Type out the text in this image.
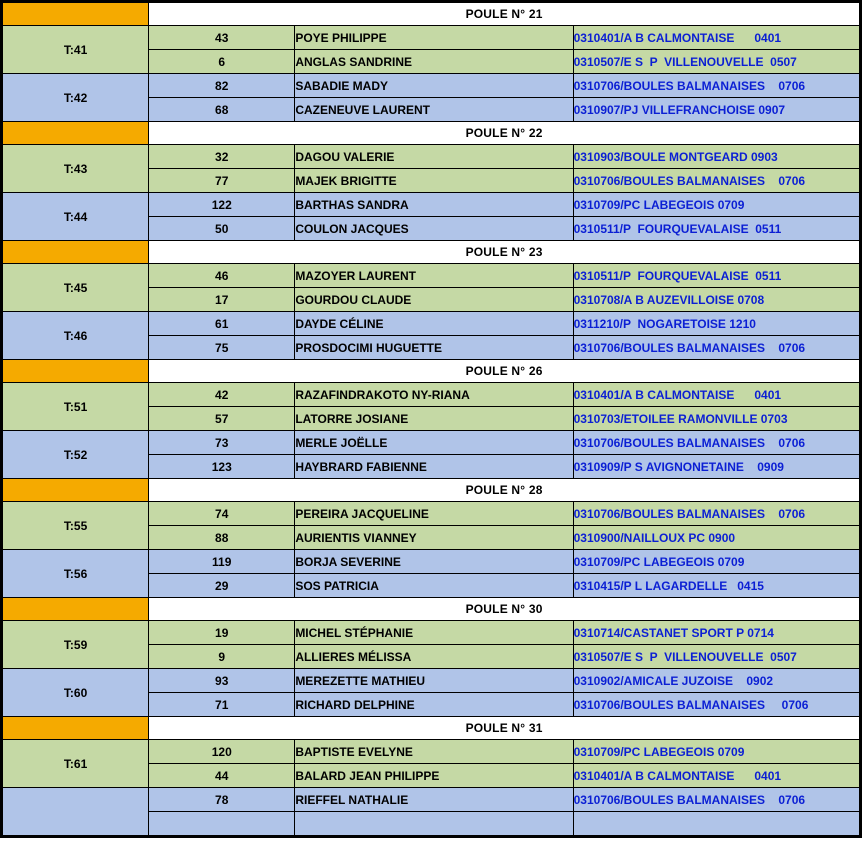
	POULE N° 21		
T:41	43	POYE PHILIPPE	0310401/A B CALMONTAISE      0401
	6	ANGLAS SANDRINE	0310507/E S  P  VILLENOUVELLE  0507
T:42	82	SABADIE MADY	0310706/BOULES BALMANAISES    0706
	68	CAZENEUVE LAURENT	0310907/PJ VILLEFRANCHOISE 0907
	POULE N° 22		
T:43	32	DAGOU VALERIE	0310903/BOULE MONTGEARD 0903
	77	MAJEK BRIGITTE	0310706/BOULES BALMANAISES    0706
T:44	122	BARTHAS SANDRA	0310709/PC LABEGEOIS 0709
	50	COULON JACQUES	0310511/P  FOURQUEVALAISE  0511
	POULE N° 23		
T:45	46	MAZOYER LAURENT	0310511/P  FOURQUEVALAISE  0511
	17	GOURDOU CLAUDE	0310708/A B AUZEVILLOISE 0708
T:46	61	DAYDE CÉLINE	0311210/P  NOGARETOISE 1210
	75	PROSDOCIMI HUGUETTE	0310706/BOULES BALMANAISES    0706
	POULE N° 26		
T:51	42	RAZAFINDRAKOTO NY-RIANA	0310401/A B CALMONTAISE      0401
	57	LATORRE JOSIANE	0310703/ETOILEE RAMONVILLE 0703
T:52	73	MERLE JOËLLE	0310706/BOULES BALMANAISES    0706
	123	HAYBRARD FABIENNE	0310909/P S AVIGNONETAINE    0909
	POULE N° 28		
T:55	74	PEREIRA JACQUELINE	0310706/BOULES BALMANAISES    0706
	88	AURIENTIS VIANNEY	0310900/NAILLOUX PC 0900
T:56	119	BORJA SEVERINE	0310709/PC LABEGEOIS 0709
	29	SOS PATRICIA	0310415/P L LAGARDELLE   0415
	POULE N° 30		
T:59	19	MICHEL STÉPHANIE	0310714/CASTANET SPORT P 0714
	9	ALLIERES MÉLISSA	0310507/E S  P  VILLENOUVELLE  0507
T:60	93	MEREZETTE MATHIEU	0310902/AMICALE JUZOISE    0902
	71	RICHARD DELPHINE	0310706/BOULES BALMANAISES     0706
	POULE N° 31		
T:61	120	BAPTISTE EVELYNE	0310709/PC LABEGEOIS 0709
	44	BALARD JEAN PHILIPPE	0310401/A B CALMONTAISE      0401
	78	RIEFFEL NATHALIE	0310706/BOULES BALMANAISES    0706
